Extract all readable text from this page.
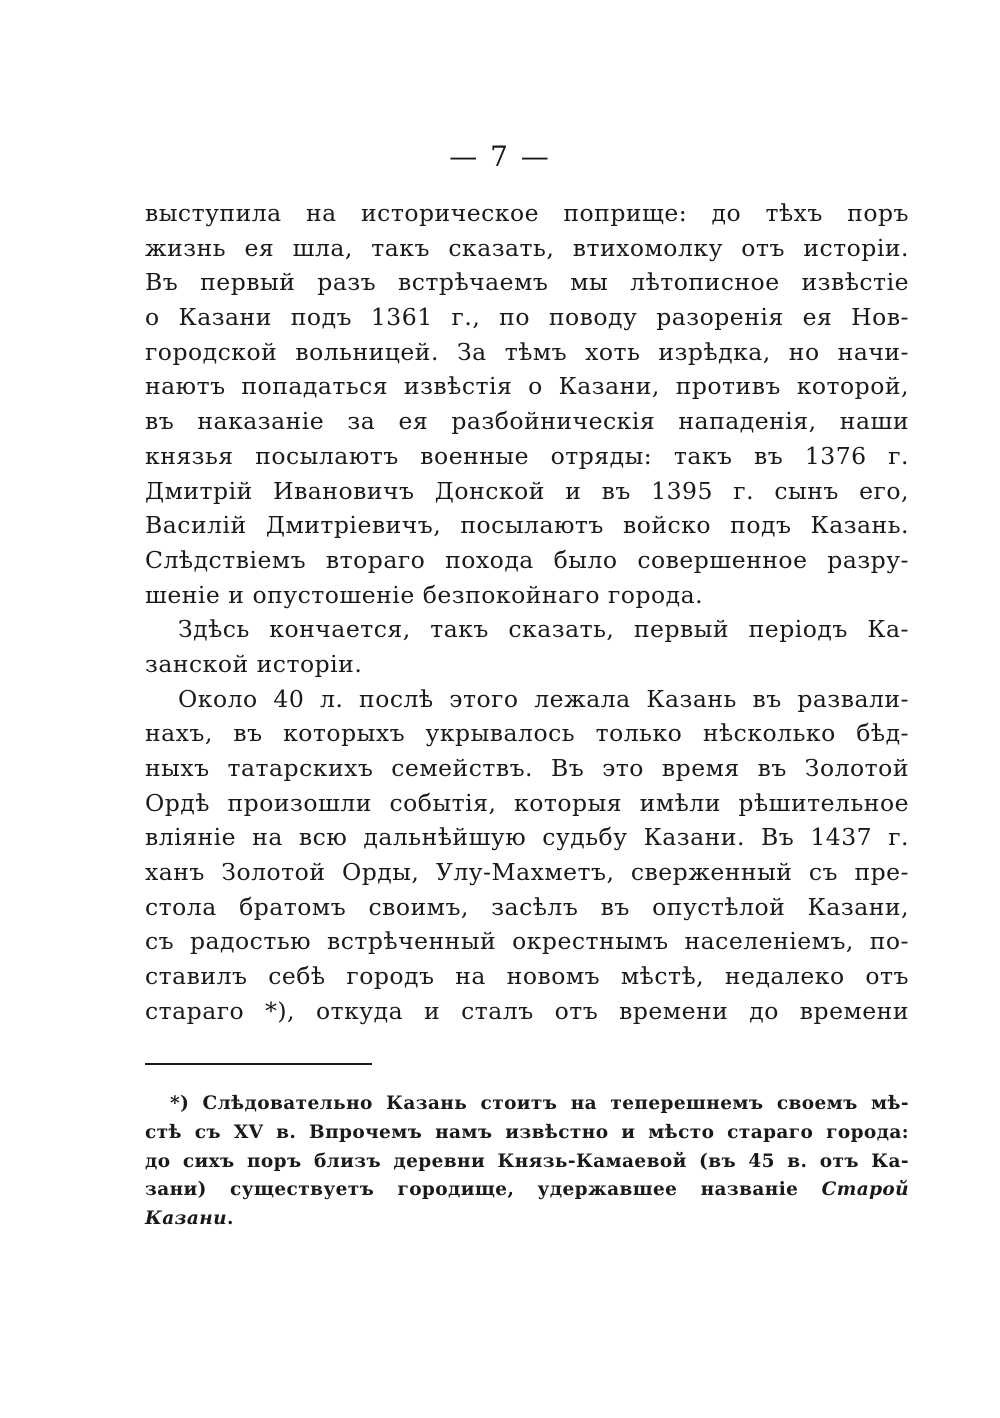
— 7 —
выступила на историческое поприще: до тѣхъ поръ
жизнь ея шла, такъ сказать, втихомолку отъ исторіи.
Въ первый разъ встрѣчаемъ мы лѣтописное извѣстіе
о Казани подъ 1361 г., по поводу разоренія ея Нов-
городской вольницей. За тѣмъ хоть изрѣдка, но начи-
наютъ попадаться извѣстія о Казани, противъ которой,
въ наказаніе за ея разбойническія нападенія, наши
князья посылаютъ военные отряды: такъ въ 1376 г.
Дмитрій Ивановичъ Донской и въ 1395 г. сынъ его,
Василій Дмитріевичъ, посылаютъ войско подъ Казань.
Слѣдствіемъ втораго похода было совершенное разру-
шеніе и опустошеніе безпокойнаго города.
Здѣсь кончается, такъ сказать, первый періодъ Ка-
занской исторіи.
Около 40 л. послѣ этого лежала Казань въ развали-
нахъ, въ которыхъ укрывалось только нѣсколько бѣд-
ныхъ татарскихъ семействъ. Въ это время въ Золотой
Ордѣ произошли событія, которыя имѣли рѣшительное
вліяніе на всю дальнѣйшую судьбу Казани. Въ 1437 г.
ханъ Золотой Орды, Улу-Махметъ, сверженный съ пре-
стола братомъ своимъ, засѣлъ въ опустѣлой Казани,
съ радостью встрѣченный окрестнымъ населеніемъ, по-
ставилъ себѣ городъ на новомъ мѣстѣ, недалеко отъ
стараго *), откуда и сталъ отъ времени до времени
*) Слѣдовательно Казань стоитъ на теперешнемъ своемъ мѣ-
стѣ съ XV в. Впрочемъ намъ извѣстно и мѣсто стараго города:
до сихъ поръ близъ деревни Князь-Камаевой (въ 45 в. отъ Ка-
зани) существуетъ городище, удержавшее названіе Старой
Казани.
